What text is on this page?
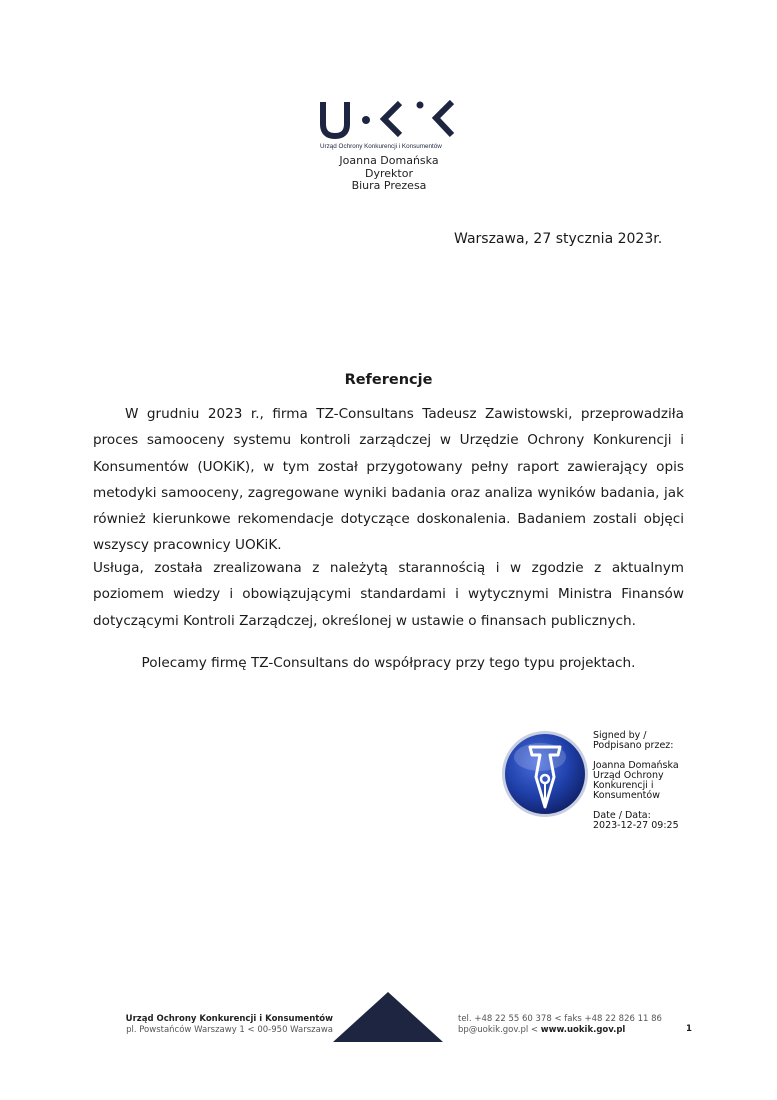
Urząd Ochrony Konkurencji i Konsumentów
Joanna Domańska
Dyrektor
Biura Prezesa
Warszawa, 27 stycznia 2023r.
Referencje

W grudniu 2023 r., firma TZ-Consultans Tadeusz Zawistowski, przeprowadziła proces samooceny systemu kontroli zarządczej w Urzędzie Ochrony Konkurencji i Konsumentów (UOKiK), w tym został przygotowany pełny raport zawierający opis metodyki samooceny, zagregowane wyniki badania oraz analiza wyników badania, jak również kierunkowe rekomendacje dotyczące doskonalenia. Badaniem zostali objęci wszyscy pracownicy UOKiK.

Usługa, została zrealizowana z należytą starannością i w zgodzie z aktualnym poziomem wiedzy i obowiązującymi standardami i wytycznymi Ministra Finansów dotyczącymi Kontroli Zarządczej, określonej w ustawie o finansach publicznych.

Polecamy firmę TZ-Consultans do współpracy przy tego typu projektach.
Signed by /
Podpisano przez:
Joanna Domańska
Urząd Ochrony
Konkurencji i
Konsumentów
Date / Data:
2023-12-27 09:25
Urząd Ochrony Konkurencji i Konsumentów
pl. Powstańców Warszawy 1 < 00-950 Warszawa
tel. +48 22 55 60 378 < faks +48 22 826 11 86
bp@uokik.gov.pl < www.uokik.gov.pl	1
